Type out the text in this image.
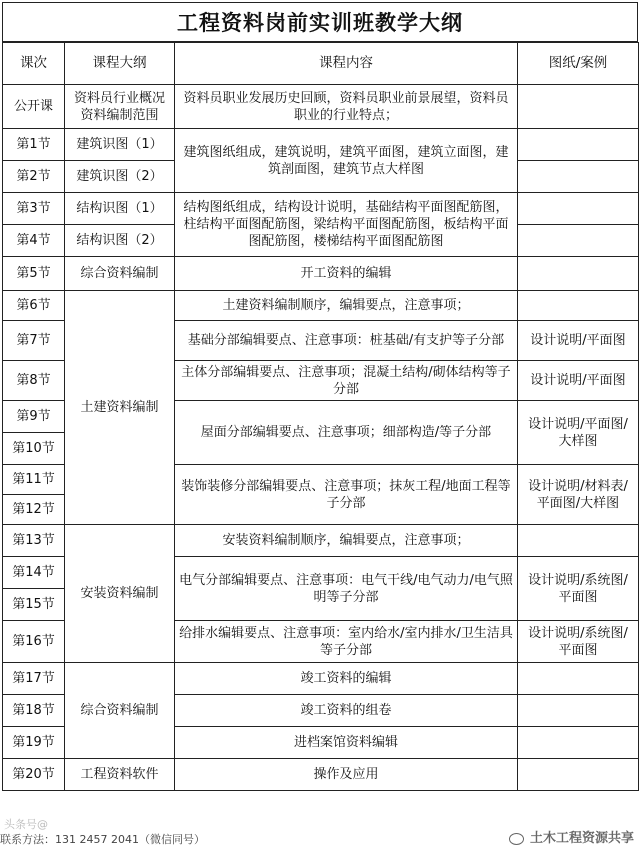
工程资料岗前实训班教学大纲
课次	课程大纲	课程内容	图纸/案例
公开课	资料员行业概况资料编制范围	资料员职业发展历史回顾，资料员职业前景展望，资料员职业的行业特点；	
第1节	建筑识图（1）	建筑图纸组成，建筑说明，建筑平面图，建筑立面图，建筑剖面图，建筑节点大样图	
第2节	建筑识图（2）		
第3节	结构识图（1）	结构图纸组成，结构设计说明，基础结构平面图配筋图，柱结构平面图配筋图，梁结构平面图配筋图，板结构平面图配筋图，楼梯结构平面图配筋图	
第4节	结构识图（2）		
第5节	综合资料编制	开工资料的编辑	
第6节	土建资料编制	土建资料编制顺序，编辑要点，注意事项；	
第7节		基础分部编辑要点、注意事项：桩基础/有支护等子分部	设计说明/平面图
第8节		主体分部编辑要点、注意事项；混凝土结构/砌体结构等子分部	设计说明/平面图
第9节		屋面分部编辑要点、注意事项；细部构造/等子分部	设计说明/平面图/大样图
第10节			
第11节		装饰装修分部编辑要点、注意事项；抹灰工程/地面工程等子分部	设计说明/材料表/平面图/大样图
第12节			
第13节	安装资料编制	安装资料编制顺序，编辑要点，注意事项；	
第14节		电气分部编辑要点、注意事项：电气干线/电气动力/电气照明等子分部	设计说明/系统图/平面图
第15节			
第16节		给排水编辑要点、注意事项：室内给水/室内排水/卫生洁具等子分部	设计说明/系统图/平面图
第17节	综合资料编制	竣工资料的编辑	
第18节		竣工资料的组卷	
第19节		进档案馆资料编辑	
第20节	工程资料软件	操作及应用	
头条号@
联系方法：131 2457 2041（微信同号）	土木工程资源共享
